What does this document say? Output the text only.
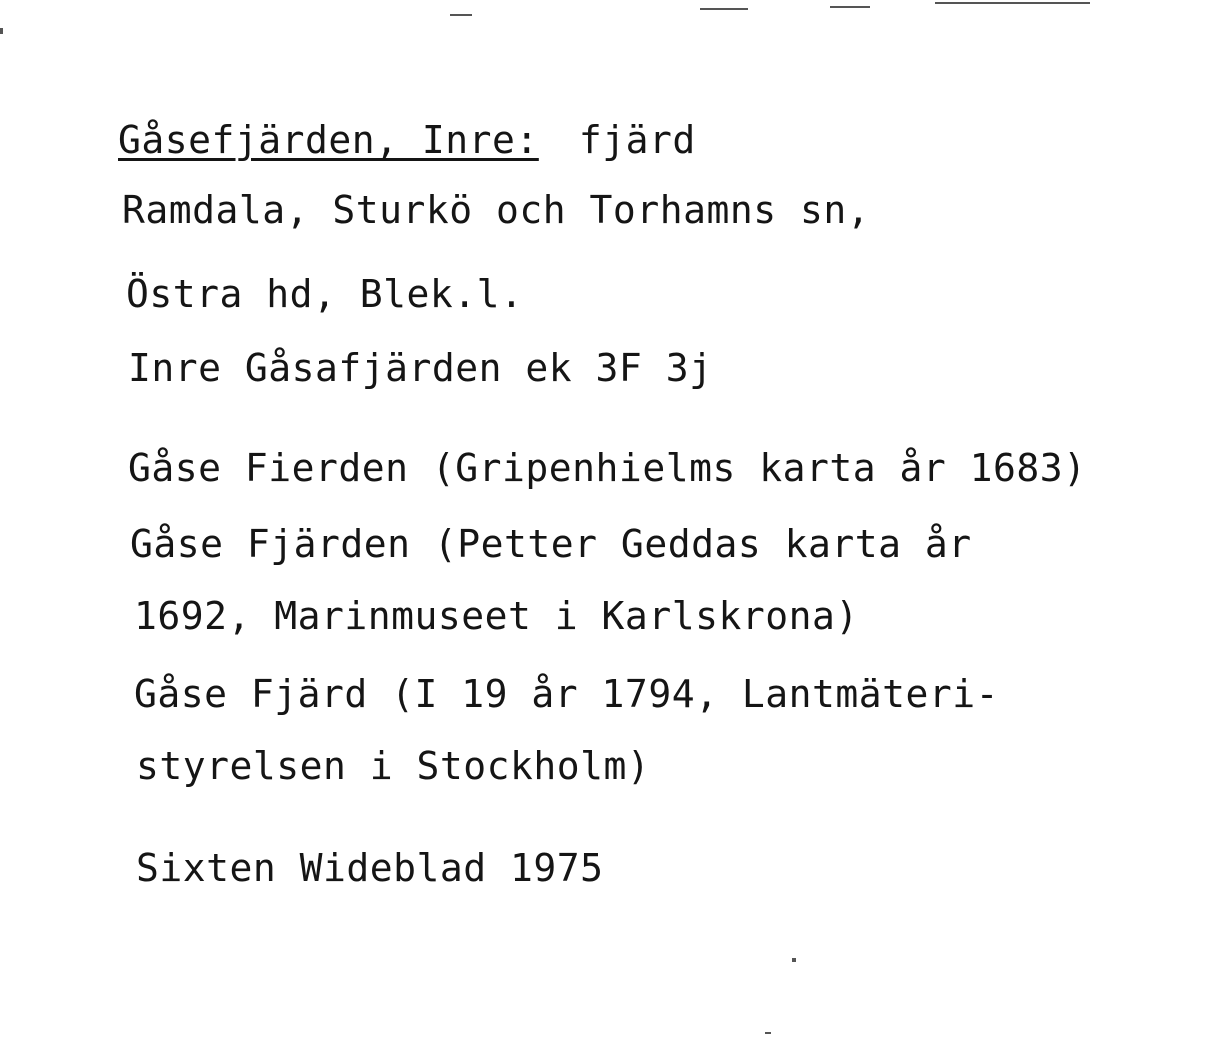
Gåsefjärden, Inre: fjärd

Ramdala, Sturkö och Torhamns sn,

Östra hd, Blek.l.

Inre Gåsafjärden ek 3F 3j

Gåse Fierden (Gripenhielms karta år 1683)

Gåse Fjärden (Petter Geddas karta år

1692, Marinmuseet i Karlskrona)

Gåse Fjärd (I 19 år 1794, Lantmäteri-

styrelsen i Stockholm)

Sixten Wideblad 1975
